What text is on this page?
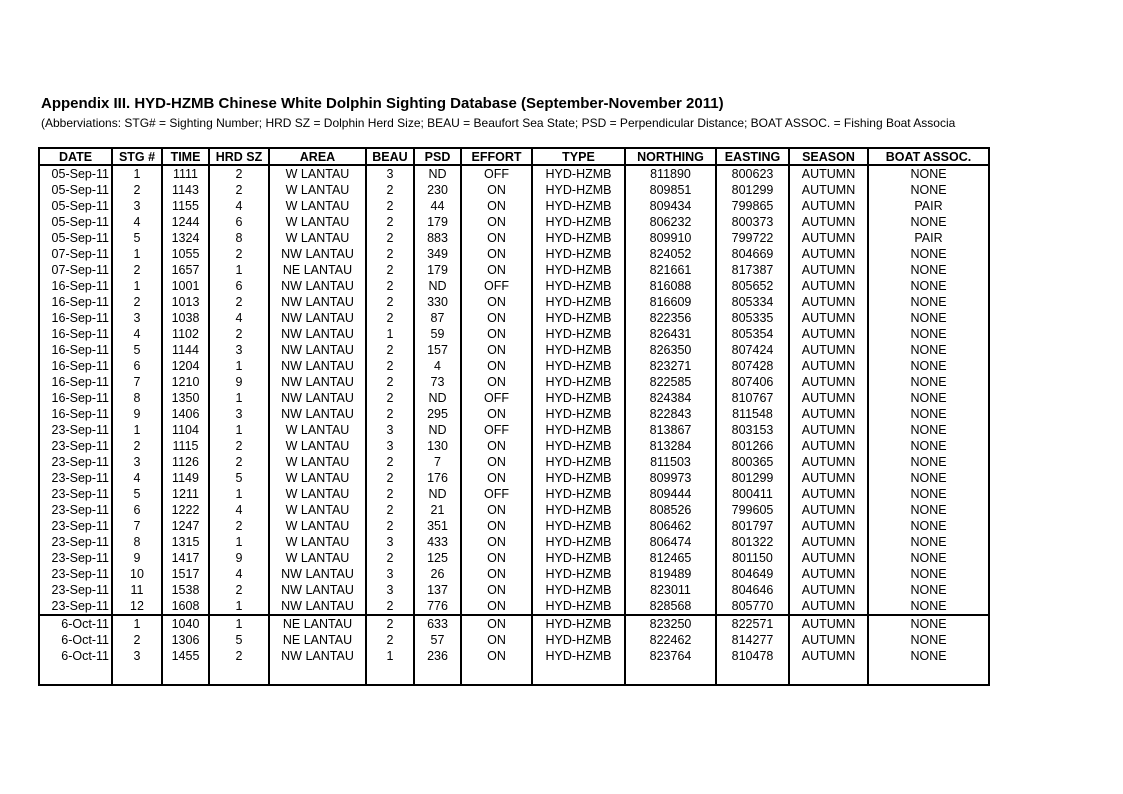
Appendix III. HYD-HZMB Chinese White Dolphin Sighting Database (September-November 2011)
(Abberviations: STG# = Sighting Number; HRD SZ = Dolphin Herd Size; BEAU = Beaufort Sea State; PSD = Perpendicular Distance; BOAT ASSOC. = Fishing Boat Associa
DATE	STG #	TIME	HRD SZ	AREA	BEAU	PSD	EFFORT	TYPE	NORTHING	EASTING	SEASON	BOAT ASSOC.
05-Sep-11	1	1111	2	W LANTAU	3	ND	OFF	HYD-HZMB	811890	800623	AUTUMN	NONE
05-Sep-11	2	1143	2	W LANTAU	2	230	ON	HYD-HZMB	809851	801299	AUTUMN	NONE
05-Sep-11	3	1155	4	W LANTAU	2	44	ON	HYD-HZMB	809434	799865	AUTUMN	PAIR
05-Sep-11	4	1244	6	W LANTAU	2	179	ON	HYD-HZMB	806232	800373	AUTUMN	NONE
05-Sep-11	5	1324	8	W LANTAU	2	883	ON	HYD-HZMB	809910	799722	AUTUMN	PAIR
07-Sep-11	1	1055	2	NW LANTAU	2	349	ON	HYD-HZMB	824052	804669	AUTUMN	NONE
07-Sep-11	2	1657	1	NE LANTAU	2	179	ON	HYD-HZMB	821661	817387	AUTUMN	NONE
16-Sep-11	1	1001	6	NW LANTAU	2	ND	OFF	HYD-HZMB	816088	805652	AUTUMN	NONE
16-Sep-11	2	1013	2	NW LANTAU	2	330	ON	HYD-HZMB	816609	805334	AUTUMN	NONE
16-Sep-11	3	1038	4	NW LANTAU	2	87	ON	HYD-HZMB	822356	805335	AUTUMN	NONE
16-Sep-11	4	1102	2	NW LANTAU	1	59	ON	HYD-HZMB	826431	805354	AUTUMN	NONE
16-Sep-11	5	1144	3	NW LANTAU	2	157	ON	HYD-HZMB	826350	807424	AUTUMN	NONE
16-Sep-11	6	1204	1	NW LANTAU	2	4	ON	HYD-HZMB	823271	807428	AUTUMN	NONE
16-Sep-11	7	1210	9	NW LANTAU	2	73	ON	HYD-HZMB	822585	807406	AUTUMN	NONE
16-Sep-11	8	1350	1	NW LANTAU	2	ND	OFF	HYD-HZMB	824384	810767	AUTUMN	NONE
16-Sep-11	9	1406	3	NW LANTAU	2	295	ON	HYD-HZMB	822843	811548	AUTUMN	NONE
23-Sep-11	1	1104	1	W LANTAU	3	ND	OFF	HYD-HZMB	813867	803153	AUTUMN	NONE
23-Sep-11	2	1115	2	W LANTAU	3	130	ON	HYD-HZMB	813284	801266	AUTUMN	NONE
23-Sep-11	3	1126	2	W LANTAU	2	7	ON	HYD-HZMB	811503	800365	AUTUMN	NONE
23-Sep-11	4	1149	5	W LANTAU	2	176	ON	HYD-HZMB	809973	801299	AUTUMN	NONE
23-Sep-11	5	1211	1	W LANTAU	2	ND	OFF	HYD-HZMB	809444	800411	AUTUMN	NONE
23-Sep-11	6	1222	4	W LANTAU	2	21	ON	HYD-HZMB	808526	799605	AUTUMN	NONE
23-Sep-11	7	1247	2	W LANTAU	2	351	ON	HYD-HZMB	806462	801797	AUTUMN	NONE
23-Sep-11	8	1315	1	W LANTAU	3	433	ON	HYD-HZMB	806474	801322	AUTUMN	NONE
23-Sep-11	9	1417	9	W LANTAU	2	125	ON	HYD-HZMB	812465	801150	AUTUMN	NONE
23-Sep-11	10	1517	4	NW LANTAU	3	26	ON	HYD-HZMB	819489	804649	AUTUMN	NONE
23-Sep-11	11	1538	2	NW LANTAU	3	137	ON	HYD-HZMB	823011	804646	AUTUMN	NONE
23-Sep-11	12	1608	1	NW LANTAU	2	776	ON	HYD-HZMB	828568	805770	AUTUMN	NONE
6-Oct-11	1	1040	1	NE LANTAU	2	633	ON	HYD-HZMB	823250	822571	AUTUMN	NONE
6-Oct-11	2	1306	5	NE LANTAU	2	57	ON	HYD-HZMB	822462	814277	AUTUMN	NONE
6-Oct-11	3	1455	2	NW LANTAU	1	236	ON	HYD-HZMB	823764	810478	AUTUMN	NONE
